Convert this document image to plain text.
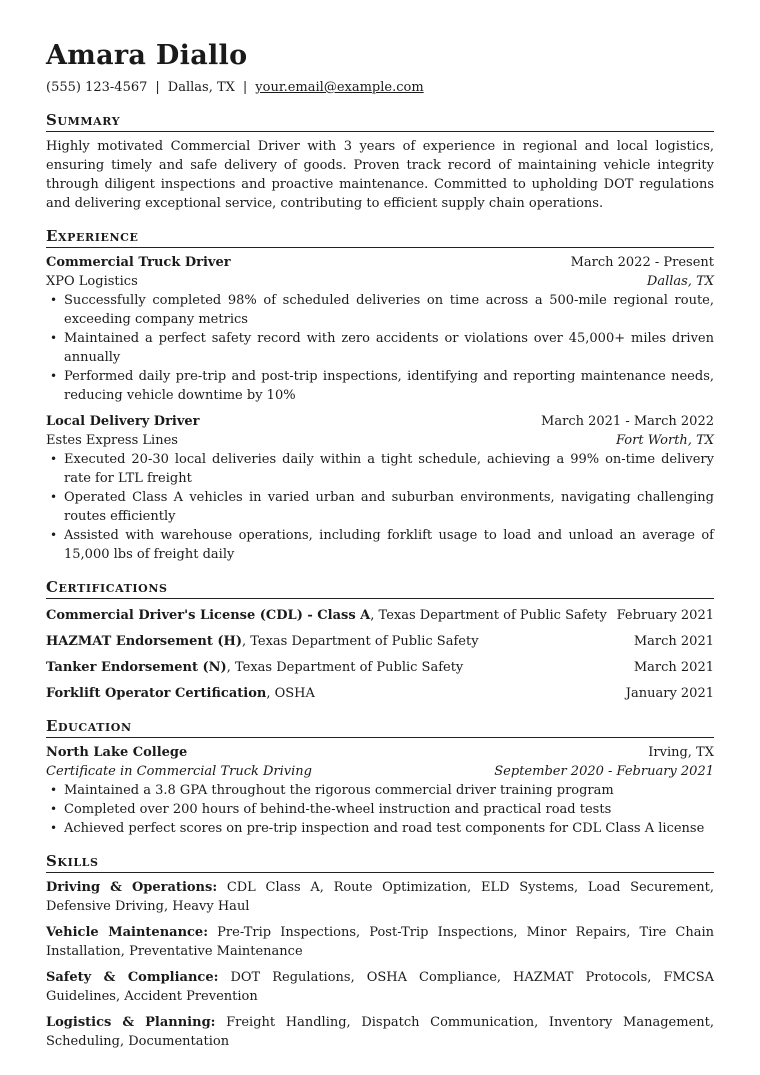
Amara Diallo
(555) 123-4567 | Dallas, TX | your.email@example.com
Summary
Highly motivated Commercial Driver with 3 years of experience in regional and local logistics, ensuring timely and safe delivery of goods. Proven track record of maintaining vehicle integrity through diligent inspections and proactive maintenance. Committed to upholding DOT regulations and delivering exceptional service, contributing to efficient supply chain operations.
Experience
Commercial Truck Driver	March 2022 - Present
XPO Logistics	Dallas, TX
• Successfully completed 98% of scheduled deliveries on time across a 500-mile regional route, exceeding company metrics
• Maintained a perfect safety record with zero accidents or violations over 45,000+ miles driven annually
• Performed daily pre-trip and post-trip inspections, identifying and reporting maintenance needs, reducing vehicle downtime by 10%
Local Delivery Driver	March 2021 - March 2022
Estes Express Lines	Fort Worth, TX
• Executed 20-30 local deliveries daily within a tight schedule, achieving a 99% on-time delivery rate for LTL freight
• Operated Class A vehicles in varied urban and suburban environments, navigating challenging routes efficiently
• Assisted with warehouse operations, including forklift usage to load and unload an average of 15,000 lbs of freight daily
Certifications
Commercial Driver's License (CDL) - Class A, Texas Department of Public Safety February 2021
HAZMAT Endorsement (H), Texas Department of Public Safety	March 2021
Tanker Endorsement (N), Texas Department of Public Safety	March 2021
Forklift Operator Certification, OSHA	January 2021
Education
North Lake College	Irving, TX
Certificate in Commercial Truck Driving	September 2020 - February 2021
• Maintained a 3.8 GPA throughout the rigorous commercial driver training program
• Completed over 200 hours of behind-the-wheel instruction and practical road tests
• Achieved perfect scores on pre-trip inspection and road test components for CDL Class A license
Skills
Driving & Operations: CDL Class A, Route Optimization, ELD Systems, Load Securement, Defensive Driving, Heavy Haul
Vehicle Maintenance: Pre-Trip Inspections, Post-Trip Inspections, Minor Repairs, Tire Chain Installation, Preventative Maintenance
Safety & Compliance: DOT Regulations, OSHA Compliance, HAZMAT Protocols, FMCSA Guidelines, Accident Prevention
Logistics & Planning: Freight Handling, Dispatch Communication, Inventory Management, Scheduling, Documentation
